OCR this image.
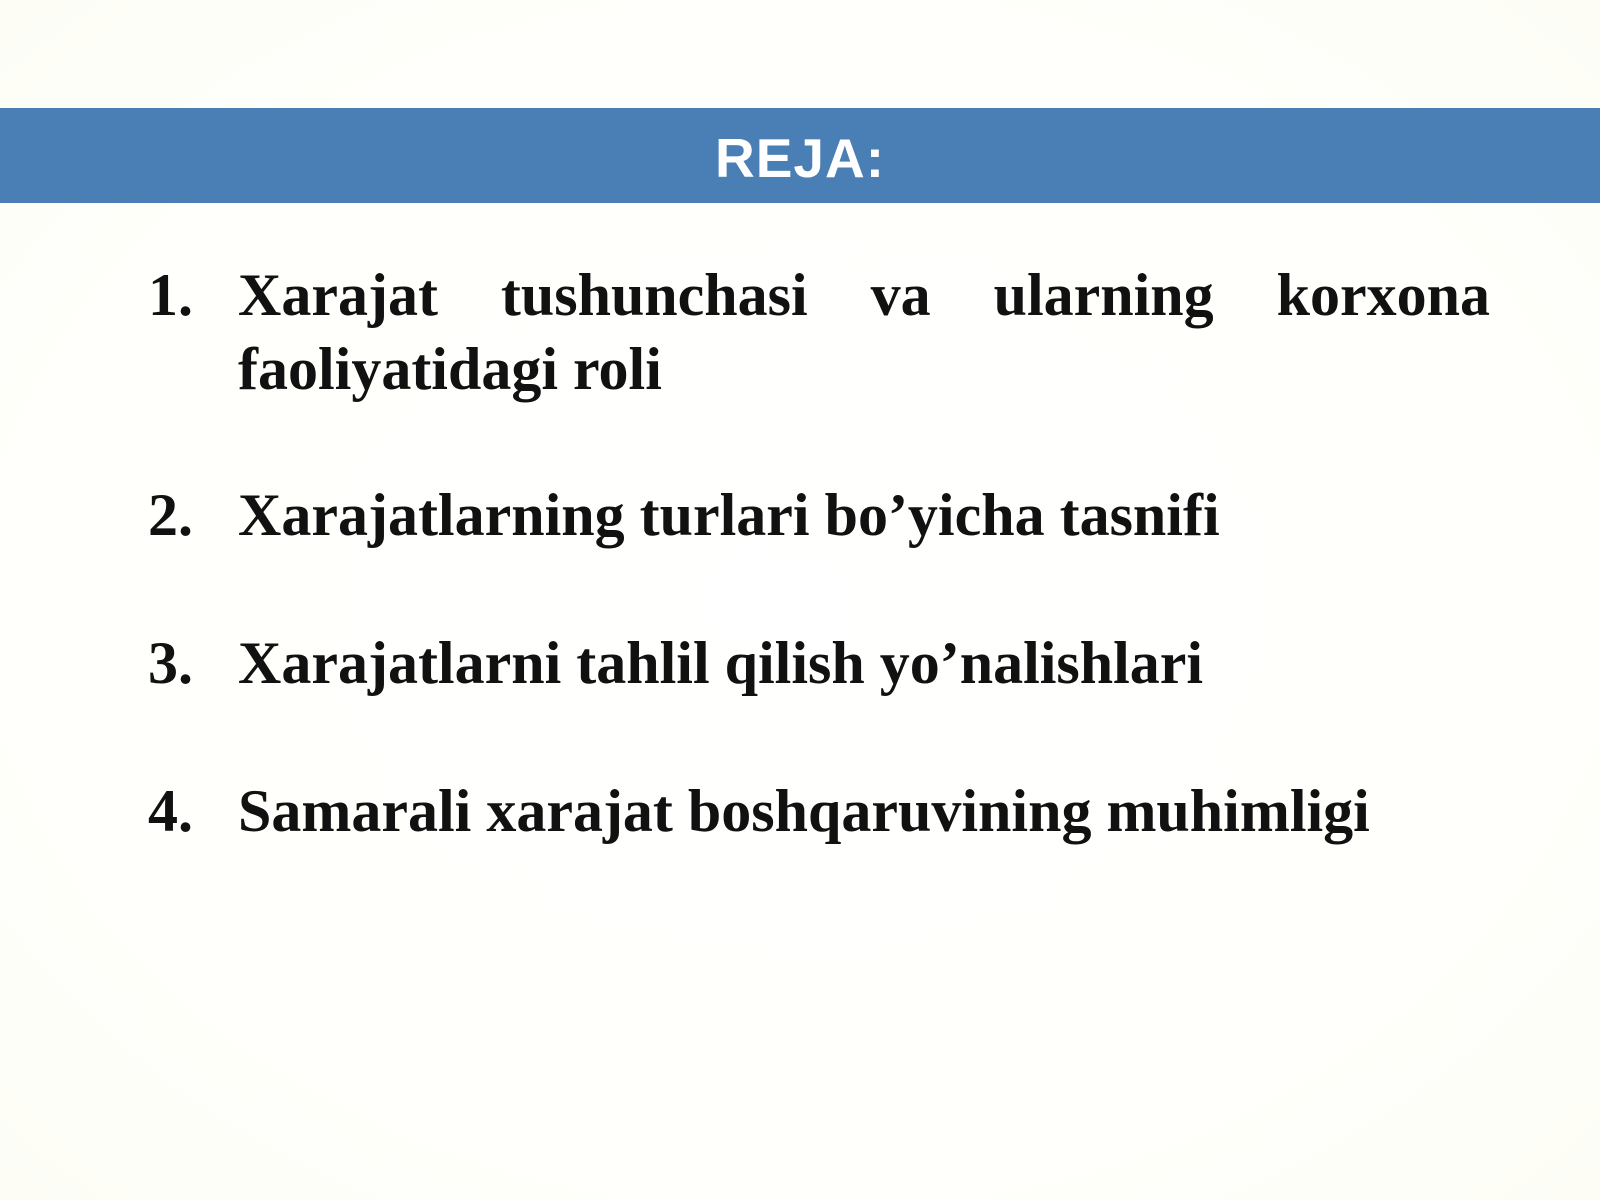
REJA:
1. Xarajat tushunchasi va ularning korxona faoliyatidagi roli
2. Xarajatlarning turlari bo’yicha tasnifi
3. Xarajatlarni tahlil qilish yo’nalishlari
4. Samarali xarajat boshqaruvining muhimligi
